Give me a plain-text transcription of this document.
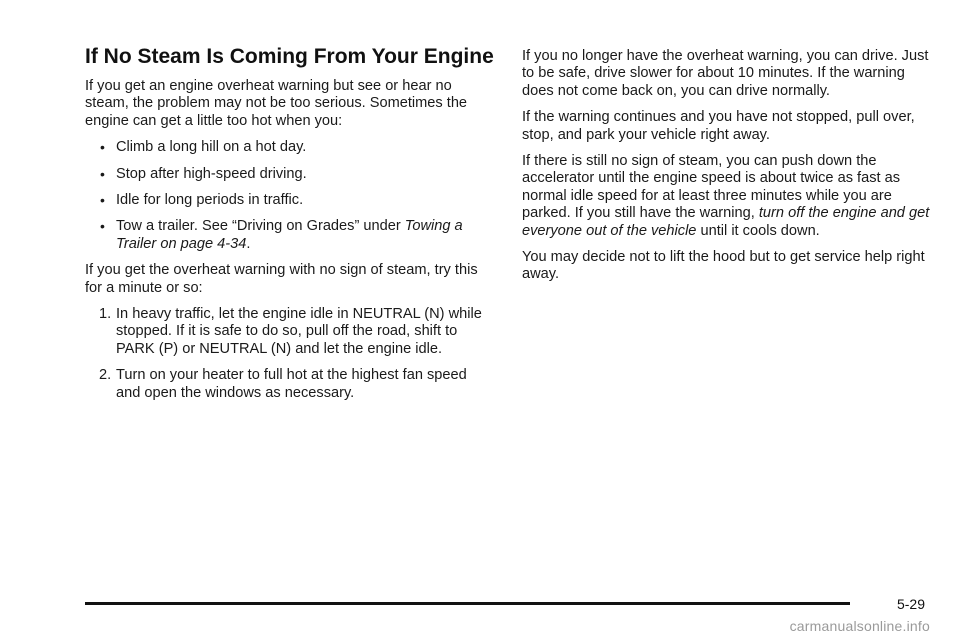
If No Steam Is Coming From Your Engine

If you get an engine overheat warning but see or hear no steam, the problem may not be too serious. Sometimes the engine can get a little too hot when you:

• Climb a long hill on a hot day.
• Stop after high-speed driving.
• Idle for long periods in traffic.
• Tow a trailer. See “Driving on Grades” under Towing a Trailer on page 4-34.

If you get the overheat warning with no sign of steam, try this for a minute or so:

1. In heavy traffic, let the engine idle in NEUTRAL (N) while stopped. If it is safe to do so, pull off the road, shift to PARK (P) or NEUTRAL (N) and let the engine idle.
2. Turn on your heater to full hot at the highest fan speed and open the windows as necessary.

If you no longer have the overheat warning, you can drive. Just to be safe, drive slower for about 10 minutes. If the warning does not come back on, you can drive normally.

If the warning continues and you have not stopped, pull over, stop, and park your vehicle right away.

If there is still no sign of steam, you can push down the accelerator until the engine speed is about twice as fast as normal idle speed for at least three minutes while you are parked. If you still have the warning, turn off the engine and get everyone out of the vehicle until it cools down.

You may decide not to lift the hood but to get service help right away.

5-29
carmanualsonline.info
